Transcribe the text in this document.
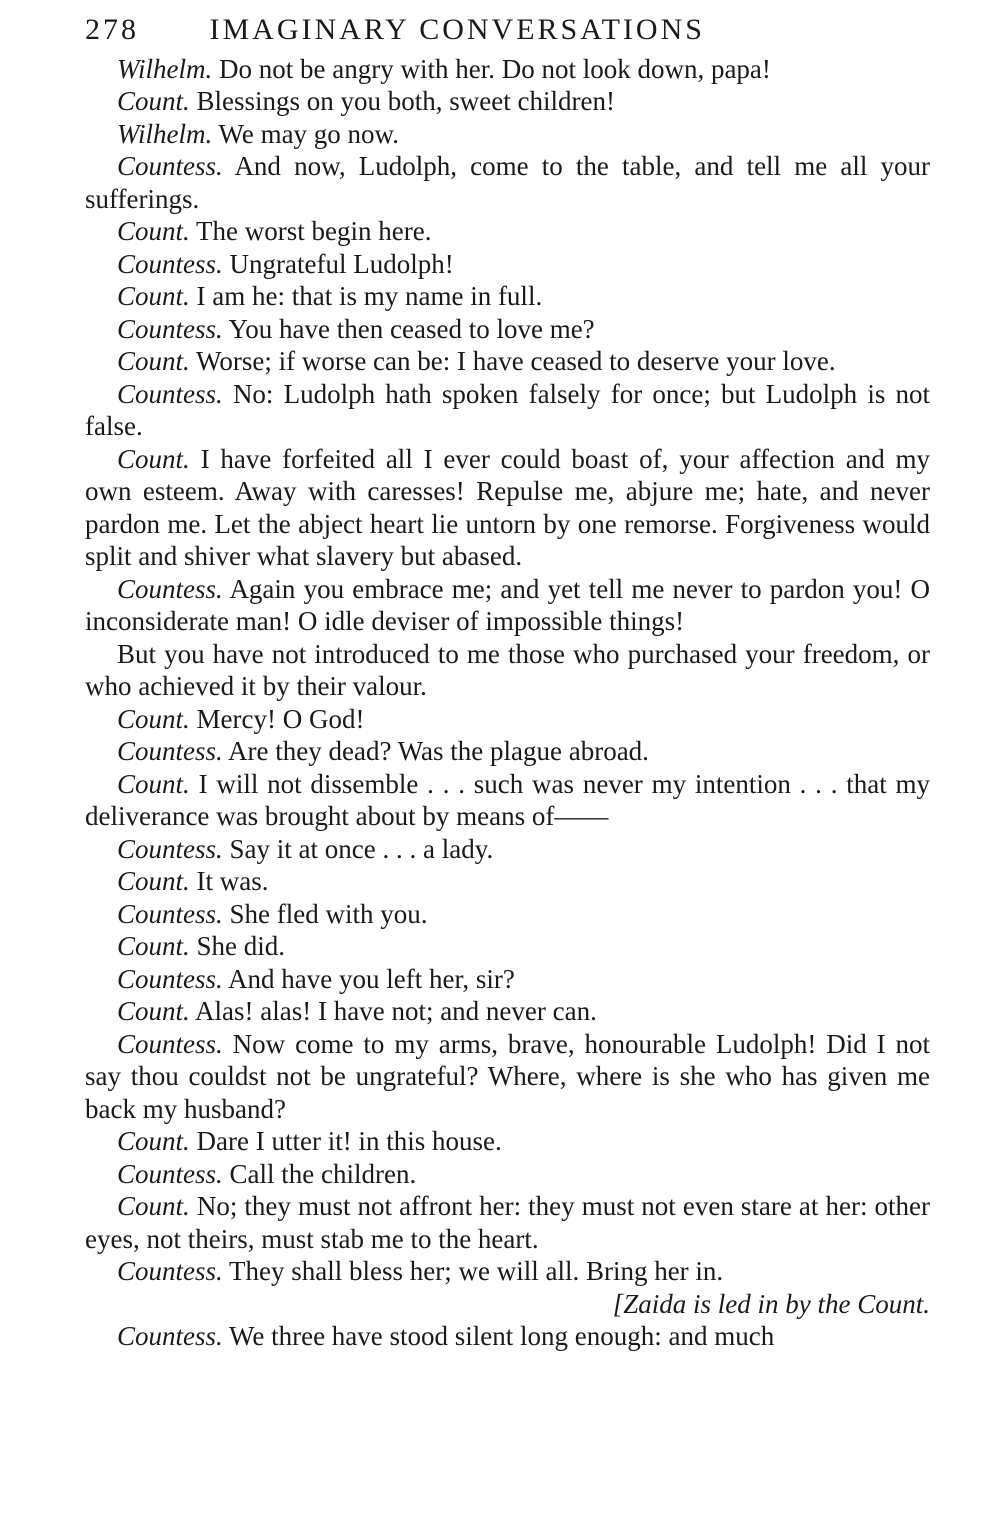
278 IMAGINARY CONVERSATIONS

Wilhelm. Do not be angry with her. Do not look down, papa!

Count. Blessings on you both, sweet children!

Wilhelm. We may go now.

Countess. And now, Ludolph, come to the table, and tell me all your sufferings.

Count. The worst begin here.

Countess. Ungrateful Ludolph!

Count. I am he: that is my name in full.

Countess. You have then ceased to love me?

Count. Worse; if worse can be: I have ceased to deserve your love.

Countess. No: Ludolph hath spoken falsely for once; but Ludolph is not false.

Count. I have forfeited all I ever could boast of, your affection and my own esteem. Away with caresses! Repulse me, abjure me; hate, and never pardon me. Let the abject heart lie untorn by one remorse. Forgiveness would split and shiver what slavery but abased.

Countess. Again you embrace me; and yet tell me never to pardon you! O inconsiderate man! O idle deviser of impossible things!

But you have not introduced to me those who purchased your freedom, or who achieved it by their valour.

Count. Mercy! O God!

Countess. Are they dead? Was the plague abroad.

Count. I will not dissemble . . . such was never my intention . . . that my deliverance was brought about by means of——

Countess. Say it at once . . . a lady.

Count. It was.

Countess. She fled with you.

Count. She did.

Countess. And have you left her, sir?

Count. Alas! alas! I have not; and never can.

Countess. Now come to my arms, brave, honourable Ludolph! Did I not say thou couldst not be ungrateful? Where, where is she who has given me back my husband?

Count. Dare I utter it! in this house.

Countess. Call the children.

Count. No; they must not affront her: they must not even stare at her: other eyes, not theirs, must stab me to the heart.

Countess. They shall bless her; we will all. Bring her in.

[Zaida is led in by the Count.

Countess. We three have stood silent long enough: and much
